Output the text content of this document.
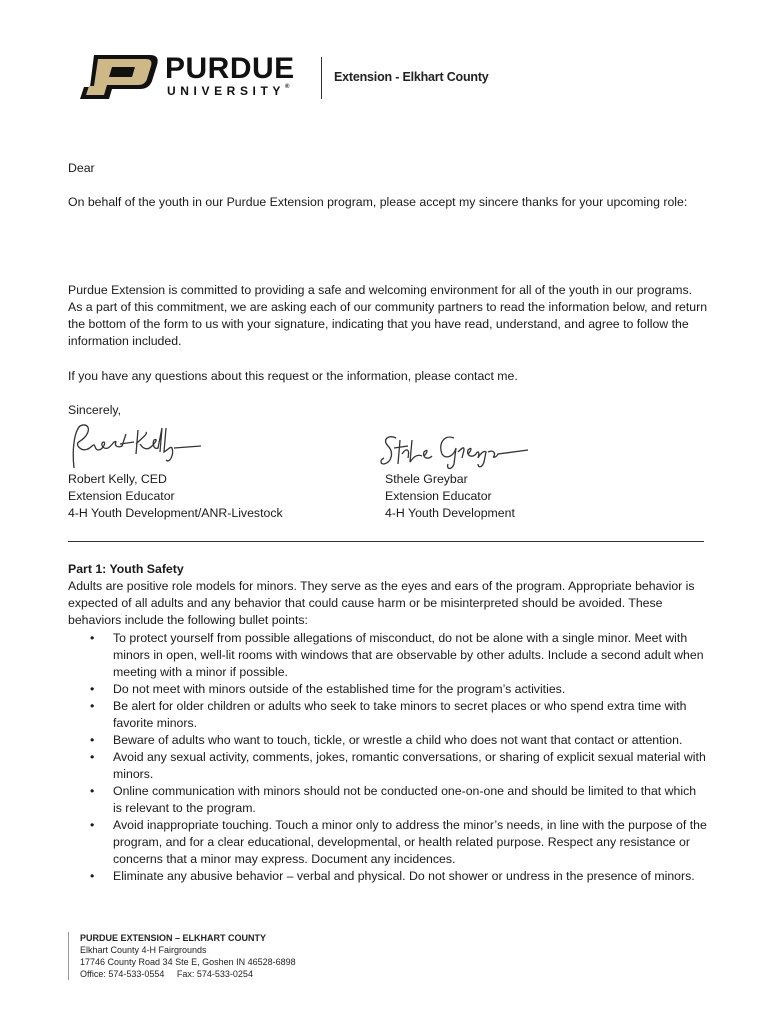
PURDUE
UNIVERSITY®
Extension - Elkhart County
Dear
On behalf of the youth in our Purdue Extension program, please accept my sincere thanks for your upcoming role:
Purdue Extension is committed to providing a safe and welcoming environment for all of the youth in our programs. As a part of this commitment, we are asking each of our community partners to read the information below, and return the bottom of the form to us with your signature, indicating that you have read, understand, and agree to follow the information included.
If you have any questions about this request or the information, please contact me.
Sincerely,
Robert Kelly, CED
Extension Educator
4-H Youth Development/ANR-Livestock
Sthele Greybar
Extension Educator
4-H Youth Development
Part 1: Youth Safety
Adults are positive role models for minors. They serve as the eyes and ears of the program. Appropriate behavior is expected of all adults and any behavior that could cause harm or be misinterpreted should be avoided. These behaviors include the following bullet points:
• To protect yourself from possible allegations of misconduct, do not be alone with a single minor. Meet with minors in open, well-lit rooms with windows that are observable by other adults. Include a second adult when meeting with a minor if possible.
• Do not meet with minors outside of the established time for the program’s activities.
• Be alert for older children or adults who seek to take minors to secret places or who spend extra time with favorite minors.
• Beware of adults who want to touch, tickle, or wrestle a child who does not want that contact or attention.
• Avoid any sexual activity, comments, jokes, romantic conversations, or sharing of explicit sexual material with minors.
• Online communication with minors should not be conducted one-on-one and should be limited to that which is relevant to the program.
• Avoid inappropriate touching. Touch a minor only to address the minor’s needs, in line with the purpose of the program, and for a clear educational, developmental, or health related purpose. Respect any resistance or concerns that a minor may express. Document any incidences.
• Eliminate any abusive behavior – verbal and physical. Do not shower or undress in the presence of minors.
PURDUE EXTENSION – ELKHART COUNTY
Elkhart County 4-H Fairgrounds
17746 County Road 34 Ste E, Goshen IN 46528-6898
Office: 574-533-0554     Fax: 574-533-0254
